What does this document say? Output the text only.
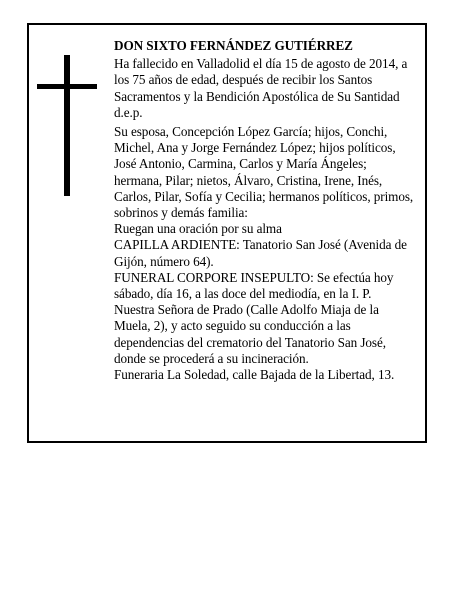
DON SIXTO FERNÁNDEZ GUTIÉRREZ

Ha fallecido en Valladolid el día 15 de agosto de 2014, a los 75 años de edad, después de recibir los Santos Sacramentos y la Bendición Apostólica de Su Santidad

d.e.p.

Su esposa, Concepción López García; hijos, Conchi, Michel, Ana y Jorge Fernández López; hijos políticos, José Antonio, Carmina, Carlos y María Ángeles; hermana, Pilar; nietos, Álvaro, Cristina, Irene, Inés, Carlos, Pilar, Sofía y Cecilia; hermanos políticos, primos, sobrinos y demás familia:

Ruegan una oración por su alma

CAPILLA ARDIENTE: Tanatorio San José (Avenida de Gijón, número 64).

FUNERAL CORPORE INSEPULTO: Se efectúa hoy sábado, día 16, a las doce del mediodía, en la I. P. Nuestra Señora de Prado (Calle Adolfo Miaja de la Muela, 2), y acto seguido su conducción a las dependencias del crematorio del Tanatorio San José, donde se procederá a su incineración.

Funeraria La Soledad, calle Bajada de la Libertad, 13.
